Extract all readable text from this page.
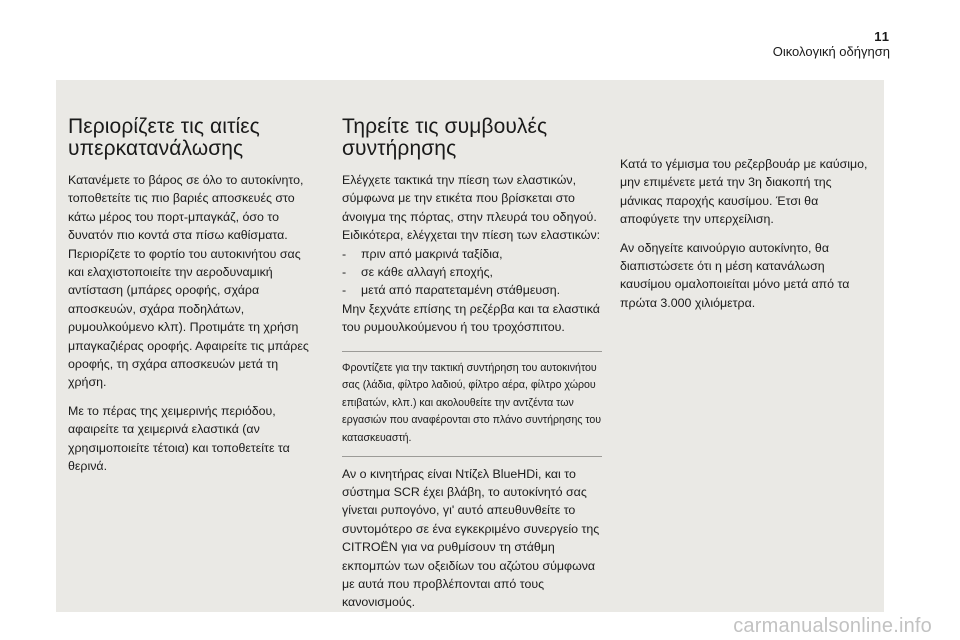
11
Οικολογική οδήγηση
Περιορίζετε τις αιτίες υπερκατανάλωσης

Κατανέμετε το βάρος σε όλο το αυτοκίνητο, τοποθετείτε τις πιο βαριές αποσκευές στο κάτω μέρος του πορτ-μπαγκάζ, όσο το δυνατόν πιο κοντά στα πίσω καθίσματα. Περιορίζετε το φορτίο του αυτοκινήτου σας και ελαχιστοποιείτε την αεροδυναμική αντίσταση (μπάρες οροφής, σχάρα αποσκευών, σχάρα ποδηλάτων, ρυμουλκούμενο κλπ). Προτιμάτε τη χρήση μπαγκαζιέρας οροφής. Αφαιρείτε τις μπάρες οροφής, τη σχάρα αποσκευών μετά τη χρήση.

Με το πέρας της χειμερινής περιόδου, αφαιρείτε τα χειμερινά ελαστικά (αν χρησιμοποιείτε τέτοια) και τοποθετείτε τα θερινά.

Τηρείτε τις συμβουλές συντήρησης

Ελέγχετε τακτικά την πίεση των ελαστικών, σύμφωνα με την ετικέτα που βρίσκεται στο άνοιγμα της πόρτας, στην πλευρά του οδηγού. Ειδικότερα, ελέγχεται την πίεση των ελαστικών:

- πριν από μακρινά ταξίδια,
- σε κάθε αλλαγή εποχής,
- μετά από παρατεταμένη στάθμευση.

Μην ξεχνάτε επίσης τη ρεζέρβα και τα ελαστικά του ρυμουλκούμενου ή του τροχόσπιτου.

Φροντίζετε για την τακτική συντήρηση του αυτοκινήτου σας (λάδια, φίλτρο λαδιού, φίλτρο αέρα, φίλτρο χώρου επιβατών, κλπ.) και ακολουθείτε την αντζέντα των εργασιών που αναφέρονται στο πλάνο συντήρησης του κατασκευαστή.

Αν ο κινητήρας είναι Ντίζελ BlueHDi, και το σύστημα SCR έχει βλάβη, το αυτοκίνητό σας γίνεται ρυπογόνο, γι' αυτό απευθυνθείτε το συντομότερο σε ένα εγκεκριμένο συνεργείο της CITROËN για να ρυθμίσουν τη στάθμη εκπομπών των οξειδίων του αζώτου σύμφωνα με αυτά που προβλέπονται από τους κανονισμούς.

Κατά το γέμισμα του ρεζερβουάρ με καύσιμο, μην επιμένετε μετά την 3η διακοπή της μάνικας παροχής καυσίμου. Έτσι θα αποφύγετε την υπερχείλιση.

Αν οδηγείτε καινούργιο αυτοκίνητο, θα διαπιστώσετε ότι η μέση κατανάλωση καυσίμου ομαλοποιείται μόνο μετά από τα πρώτα 3.000 χιλιόμετρα.

carmanualsonline.info
